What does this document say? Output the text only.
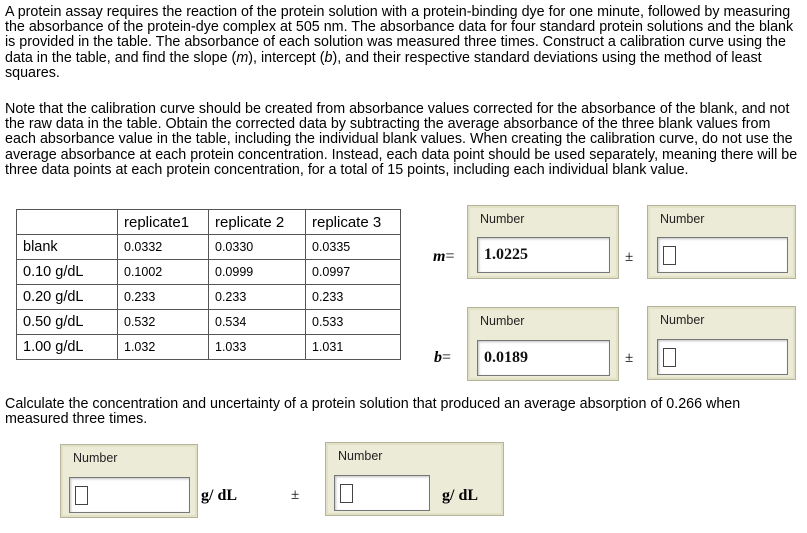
A protein assay requires the reaction of the protein solution with a protein-binding dye for one minute, followed by measuring the absorbance of the protein-dye complex at 505 nm. The absorbance data for four standard protein solutions and the blank is provided in the table. The absorbance of each solution was measured three times. Construct a calibration curve using the data in the table, and find the slope (m), intercept (b), and their respective standard deviations using the method of least squares.

Note that the calibration curve should be created from absorbance values corrected for the absorbance of the blank, and not the raw data in the table. Obtain the corrected data by subtracting the average absorbance of the three blank values from each absorbance value in the table, including the individual blank values. When creating the calibration curve, do not use the average absorbance at each protein concentration. Instead, each data point should be used separately, meaning there will be three data points at each protein concentration, for a total of 15 points, including each individual blank value.

	replicate1	replicate 2	replicate 3
blank	0.0332	0.0330	0.0335
0.10 g/dL	0.1002	0.0999	0.0997
0.20 g/dL	0.233	0.233	0.233
0.50 g/dL	0.532	0.534	0.533
1.00 g/dL	1.032	1.033	1.031
m=
Number
1.0225	±
Number
b=
Number
0.0189	±
Number

Calculate the concentration and uncertainty of a protein solution that produced an average absorption of 0.266 when measured three times.

Number
g/ dL	±
Number
g/ dL
